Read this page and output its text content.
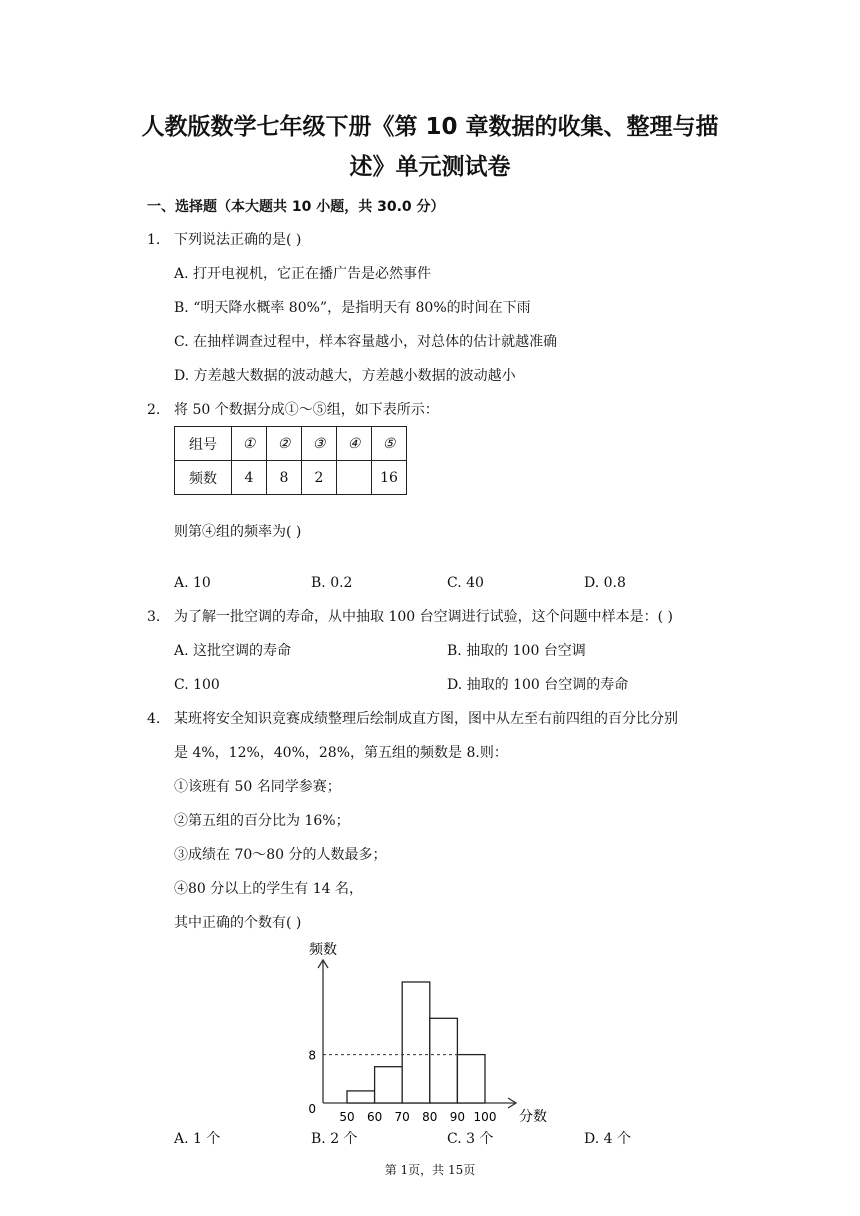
人教版数学七年级下册《第 10 章数据的收集、整理与描
述》单元测试卷
一、选择题（本大题共 10 小题，共 30.0 分）
1. 下列说法正确的是( )
A. 打开电视机，它正在播广告是必然事件
B. “明天降水概率 80%”，是指明天有 80%的时间在下雨
C. 在抽样调查过程中，样本容量越小，对总体的估计就越准确
D. 方差越大数据的波动越大，方差越小数据的波动越小
2. 将 50 个数据分成①～⑤组，如下表所示：
组号	①	②	③	④	⑤
频数	4	8	2		16
则第④组的频率为( )
A. 10	B. 0.2	C. 40	D. 0.8
3. 为了解一批空调的寿命，从中抽取 100 台空调进行试验，这个问题中样本是：( )
A. 这批空调的寿命	B. 抽取的 100 台空调
C. 100	D. 抽取的 100 台空调的寿命
4. 某班将安全知识竞赛成绩整理后绘制成直方图，图中从左至右前四组的百分比分别
是 4%，12%，40%，28%，第五组的频数是 8.则：
①该班有 50 名同学参赛；
②第五组的百分比为 16%；
③成绩在 70～80 分的人数最多；
④80 分以上的学生有 14 名，
其中正确的个数有( )
8
0
50 60 70 80 90 100 分数
频数
A. 1 个	B. 2 个	C. 3 个	D. 4 个
第 1页，共 15页
